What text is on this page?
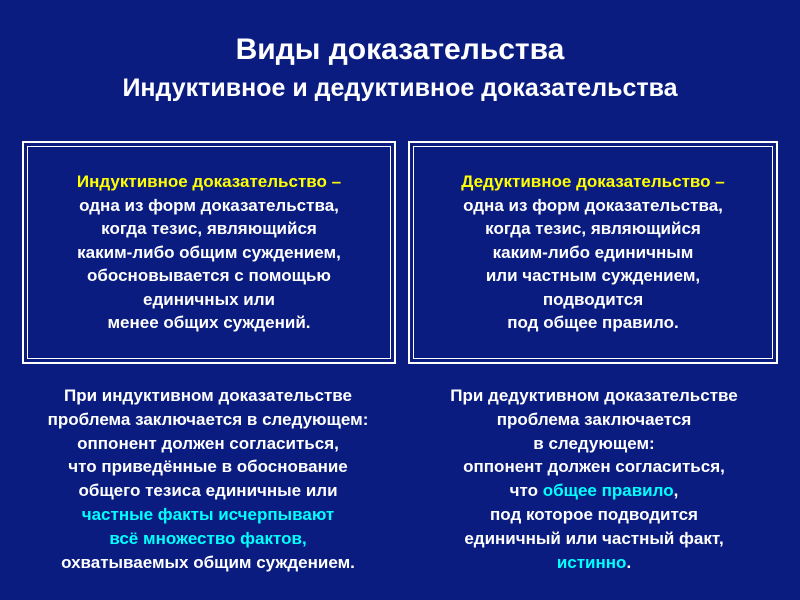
Виды доказательства
Индуктивное и дедуктивное доказательства
Индуктивное доказательство –
одна из форм доказательства,
когда тезис, являющийся
каким-либо общим суждением,
обосновывается с помощью
единичных или
менее общих суждений.
Дедуктивное доказательство –
одна из форм доказательства,
когда тезис, являющийся
каким-либо единичным
или частным суждением,
подводится
под общее правило.
При индуктивном доказательстве
проблема заключается в следующем:
оппонент должен согласиться,
что приведённые в обоснование
общего тезиса единичные или
частные факты исчерпывают
всё множество фактов,
охватываемых общим суждением.
При дедуктивном доказательстве
проблема заключается
в следующем:
оппонент должен согласиться,
что общее правило,
под которое подводится
единичный или частный факт,
истинно.
